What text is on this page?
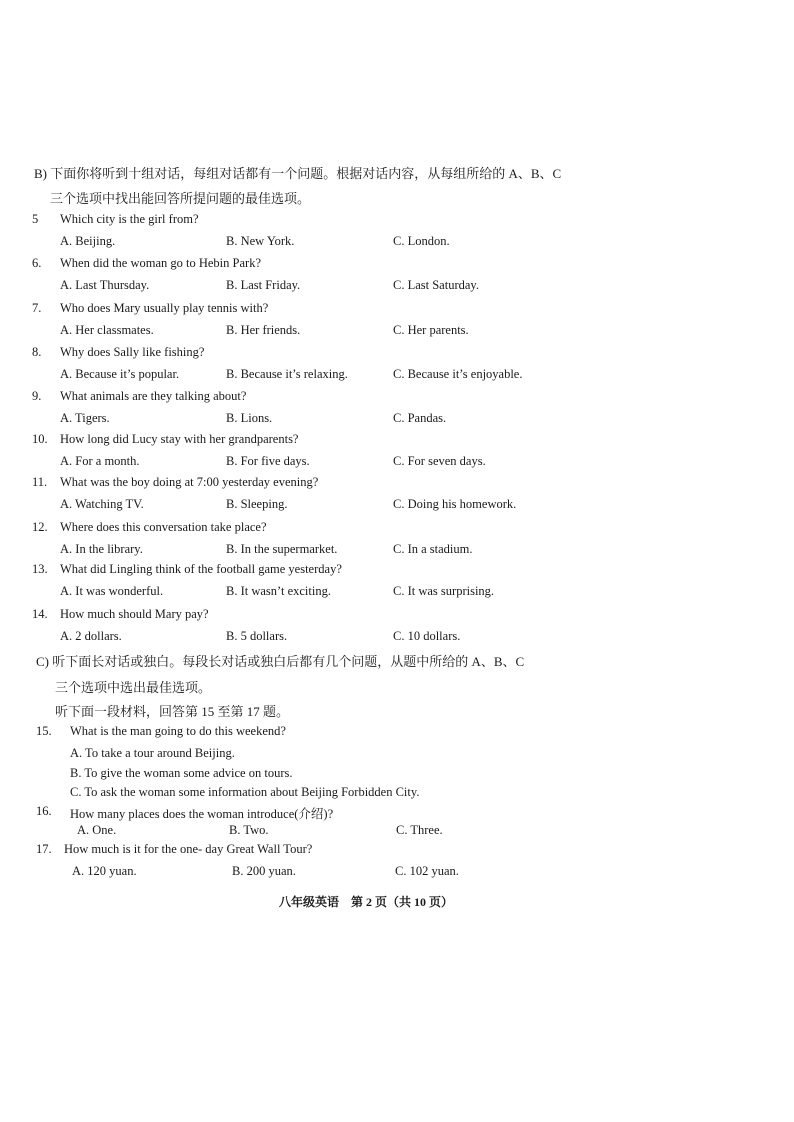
B) 下面你将听到十组对话，每组对话都有一个问题。根据对话内容，从每组所给的 A、B、C
三个选项中找出能回答所提问题的最佳选项。
5 Which city is the girl from?
A. Beijing.	B. New York.	C. London.
6. When did the woman go to Hebin Park?
A. Last Thursday.	B. Last Friday.	C. Last Saturday.
7. Who does Mary usually play tennis with?
A. Her classmates.	B. Her friends.	C. Her parents.
8. Why does Sally like fishing?
A. Because it’s popular.	B. Because it’s relaxing.	C. Because it’s enjoyable.
9. What animals are they talking about?
A. Tigers.	B. Lions.	C. Pandas.
10. How long did Lucy stay with her grandparents?
A. For a month.	B. For five days.	C. For seven days.
11. What was the boy doing at 7:00 yesterday evening?
A. Watching TV.	B. Sleeping.	C. Doing his homework.
12. Where does this conversation take place?
A. In the library.	B. In the supermarket.	C. In a stadium.
13. What did Lingling think of the football game yesterday?
A. It was wonderful.	B. It wasn’t exciting.	C. It was surprising.
14. How much should Mary pay?
A. 2 dollars.	B. 5 dollars.	C. 10 dollars.
C) 听下面长对话或独白。每段长对话或独白后都有几个问题，从题中所给的 A、B、C
三个选项中选出最佳选项。
听下面一段材料，回答第 15 至第 17 题。
15. What is the man going to do this weekend?
A. To take a tour around Beijing.
B. To give the woman some advice on tours.
C. To ask the woman some information about Beijing Forbidden City.
16. How many places does the woman introduce(介绍)?
A. One.	B. Two.	C. Three.
17. How much is it for the one- day Great Wall Tour?
A. 120 yuan.	B. 200 yuan.	C. 102 yuan.
八年级英语　第 2 页（共 10 页）
